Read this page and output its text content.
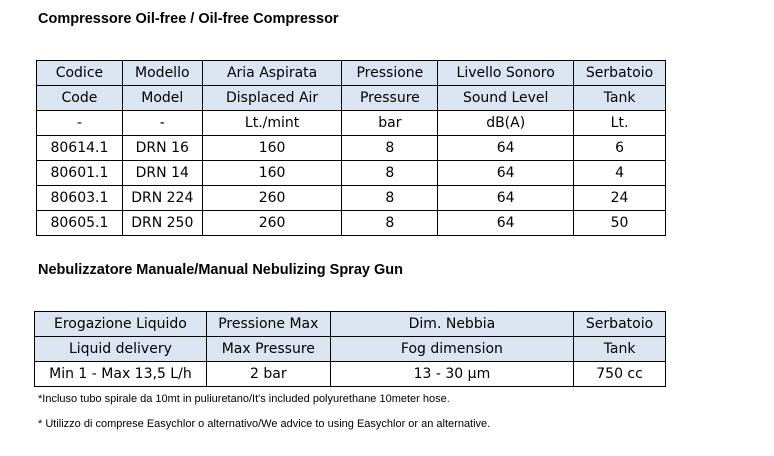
Compressore Oil-free / Oil-free Compressor
Codice	Modello	Aria Aspirata	Pressione	Livello Sonoro	Serbatoio
Code	Model	Displaced Air	Pressure	Sound Level	Tank
-	-	Lt./mint	bar	dB(A)	Lt.
80614.1	DRN 16	160	8	64	6
80601.1	DRN 14	160	8	64	4
80603.1	DRN 224	260	8	64	24
80605.1	DRN 250	260	8	64	50
Nebulizzatore Manuale/Manual Nebulizing Spray Gun
Erogazione Liquido	Pressione Max	Dim. Nebbia	Serbatoio
Liquid delivery	Max Pressure	Fog dimension	Tank
Min 1 - Max 13,5 L/h	2 bar	13 - 30 µm	750 cc
*Incluso tubo spirale da 10mt in puliuretano/It's included polyurethane 10meter hose.
* Utilizzo di comprese Easychlor o alternativo/We advice to using Easychlor or an alternative.
